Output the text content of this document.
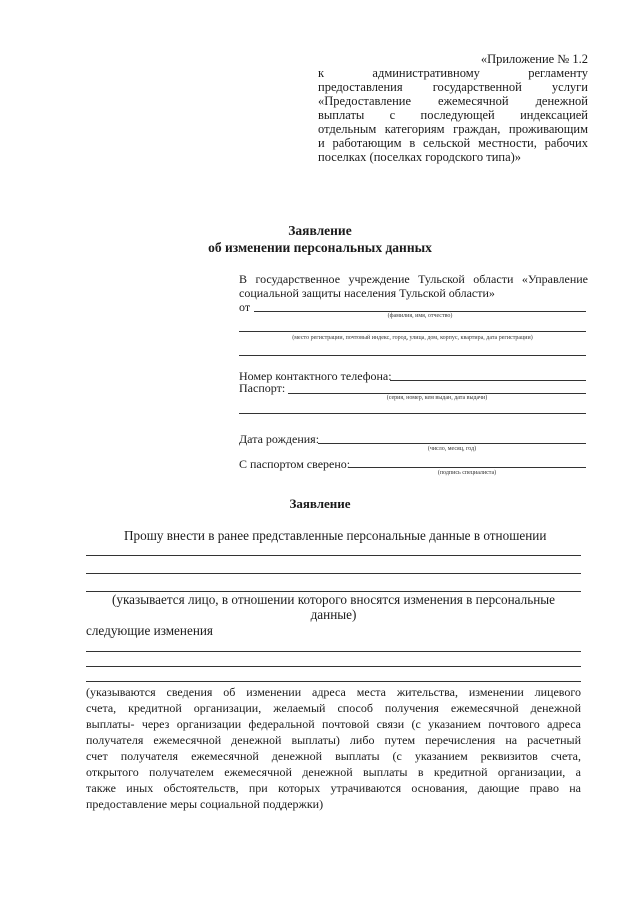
«Приложение № 1.2
к административному регламенту
предоставления государственной услуги
«Предоставление ежемесячной денежной
выплаты с последующей индексацией
отдельным категориям граждан, проживающим
и работающим в сельской местности, рабочих
поселках (поселках городского типа)»
Заявление
об изменении персональных данных
В государственное учреждение Тульской области «Управление
социальной защиты населения Тульской области»
от
(фамилия, имя, отчество)
(место регистрации, почтовый индекс, город, улица, дом, корпус, квартира, дата регистрации)
Номер контактного телефона:
Паспорт:
(серия, номер, кем выдан, дата выдачи)
Дата рождения:
(число, месяц, год)
С паспортом сверено:
(подпись специалиста)
Заявление
Прошу внести в ранее представленные персональные данные в отношении
(указывается лицо, в отношении которого вносятся изменения в персональные
данные)
следующие изменения
(указываются сведения об изменении адреса места жительства, изменении лицевого
счета, кредитной организации, желаемый способ получения ежемесячной денежной
выплаты- через организации федеральной почтовой связи (с указанием почтового адреса
получателя ежемесячной денежной выплаты) либо путем перечисления на расчетный
счет получателя ежемесячной денежной выплаты (с указанием реквизитов счета,
открытого получателем ежемесячной денежной выплаты в кредитной организации, а
также иных обстоятельств, при которых утрачиваются основания, дающие право на
предоставление меры социальной поддержки)
